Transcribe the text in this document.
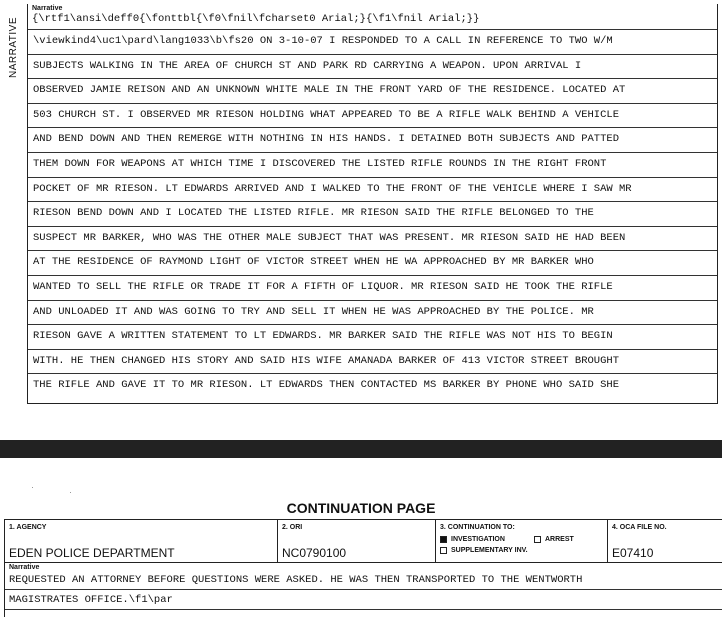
NARRATIVE
Narrative
{\rtf1\ansi\deff0{\fonttbl{\f0\fnil\fcharset0 Arial;}{\f1\fnil Arial;}}
\viewkind4\uc1\pard\lang1033\b\fs20 ON 3-10-07 I RESPONDED TO A CALL IN REFERENCE TO TWO W/M
SUBJECTS WALKING IN THE AREA OF CHURCH ST AND PARK RD CARRYING A WEAPON. UPON ARRIVAL I
OBSERVED JAMIE REISON AND AN UNKNOWN WHITE MALE IN THE FRONT YARD OF THE RESIDENCE. LOCATED AT
503 CHURCH ST. I OBSERVED MR RIESON HOLDING WHAT APPEARED TO BE A RIFLE WALK BEHIND A VEHICLE
AND BEND DOWN AND THEN REMERGE WITH NOTHING IN HIS HANDS. I DETAINED BOTH SUBJECTS AND PATTED
THEM DOWN FOR WEAPONS AT WHICH TIME I DISCOVERED THE LISTED RIFLE ROUNDS IN THE RIGHT FRONT
POCKET OF MR RIESON. LT EDWARDS ARRIVED AND I WALKED TO THE FRONT OF THE VEHICLE WHERE I SAW MR
RIESON BEND DOWN AND I LOCATED THE LISTED RIFLE. MR RIESON SAID THE RIFLE BELONGED TO THE
SUSPECT MR BARKER, WHO WAS THE OTHER MALE SUBJECT THAT WAS PRESENT. MR RIESON SAID HE HAD BEEN
AT THE RESIDENCE OF RAYMOND LIGHT OF VICTOR STREET WHEN HE WA APPROACHED BY MR BARKER WHO
WANTED TO SELL THE RIFLE OR TRADE IT FOR A FIFTH OF LIQUOR. MR RIESON SAID HE TOOK THE RIFLE
AND UNLOADED IT AND WAS GOING TO TRY AND SELL IT WHEN HE WAS APPROACHED BY THE POLICE. MR
RIESON GAVE A WRITTEN STATEMENT TO LT EDWARDS. MR BARKER SAID THE RIFLE WAS NOT HIS TO BEGIN
WITH. HE THEN CHANGED HIS STORY AND SAID HIS WIFE AMANADA BARKER OF 413 VICTOR STREET BROUGHT
THE RIFLE AND GAVE IT TO MR RIESON. LT EDWARDS THEN CONTACTED MS BARKER BY PHONE WHO SAID SHE
CONTINUATION PAGE
1. AGENCY
EDEN POLICE DEPARTMENT
2. ORI
NC0790100
3. CONTINUATION TO:
INVESTIGATION	ARREST
SUPPLEMENTARY INV.
4. OCA FILE NO.
E07410
Narrative
REQUESTED AN ATTORNEY BEFORE QUESTIONS WERE ASKED. HE WAS THEN TRANSPORTED TO THE WENTWORTH
MAGISTRATES OFFICE.\f1\par
